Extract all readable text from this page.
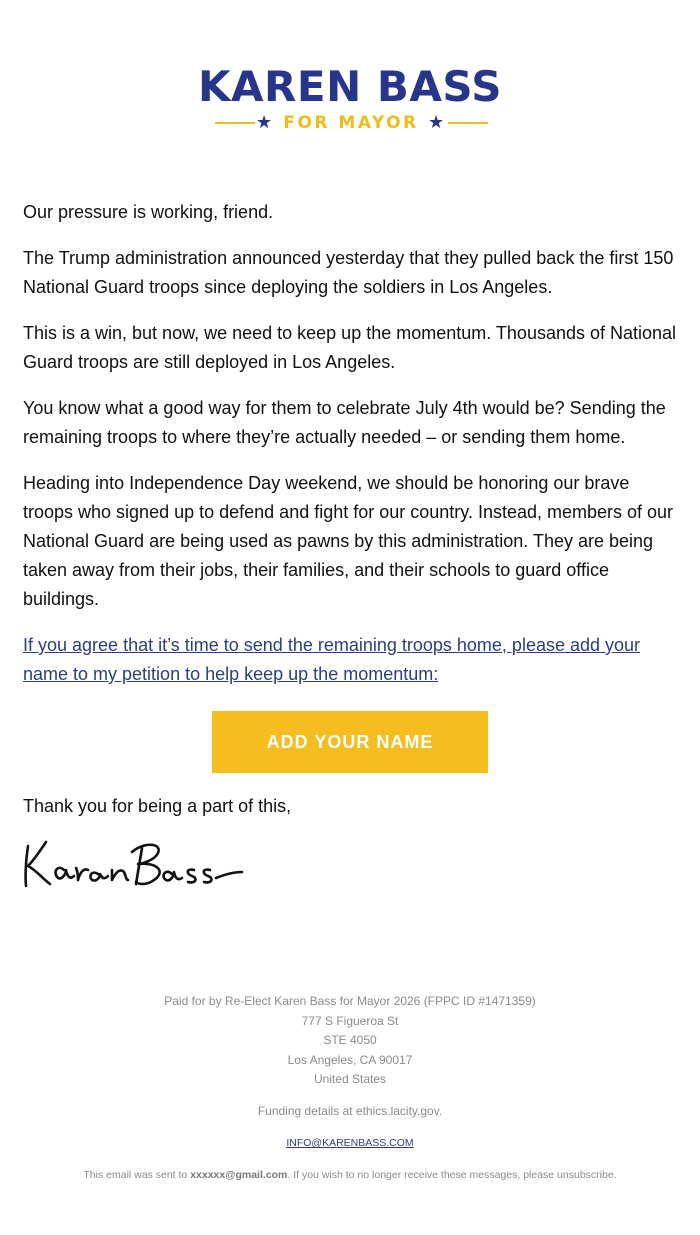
KAREN BASS
★ FOR MAYOR ★

Our pressure is working, friend.

The Trump administration announced yesterday that they pulled back the first 150 National Guard troops since deploying the soldiers in Los Angeles.

This is a win, but now, we need to keep up the momentum. Thousands of National Guard troops are still deployed in Los Angeles.

You know what a good way for them to celebrate July 4th would be? Sending the remaining troops to where they’re actually needed – or sending them home.

Heading into Independence Day weekend, we should be honoring our brave troops who signed up to defend and fight for our country. Instead, members of our National Guard are being used as pawns by this administration. They are being taken away from their jobs, their families, and their schools to guard office buildings.

If you agree that it’s time to send the remaining troops home, please add your name to my petition to help keep up the momentum:

ADD YOUR NAME
Thank you for being a part of this,
Paid for by Re-Elect Karen Bass for Mayor 2026 (FPPC ID #1471359)
777 S Figueroa St
STE 4050
Los Angeles, CA 90017
United States
Funding details at ethics.lacity.gov.
INFO@KARENBASS.COM
This email was sent to xxxxxx@gmail.com. If you wish to no longer receive these messages, please unsubscribe.
